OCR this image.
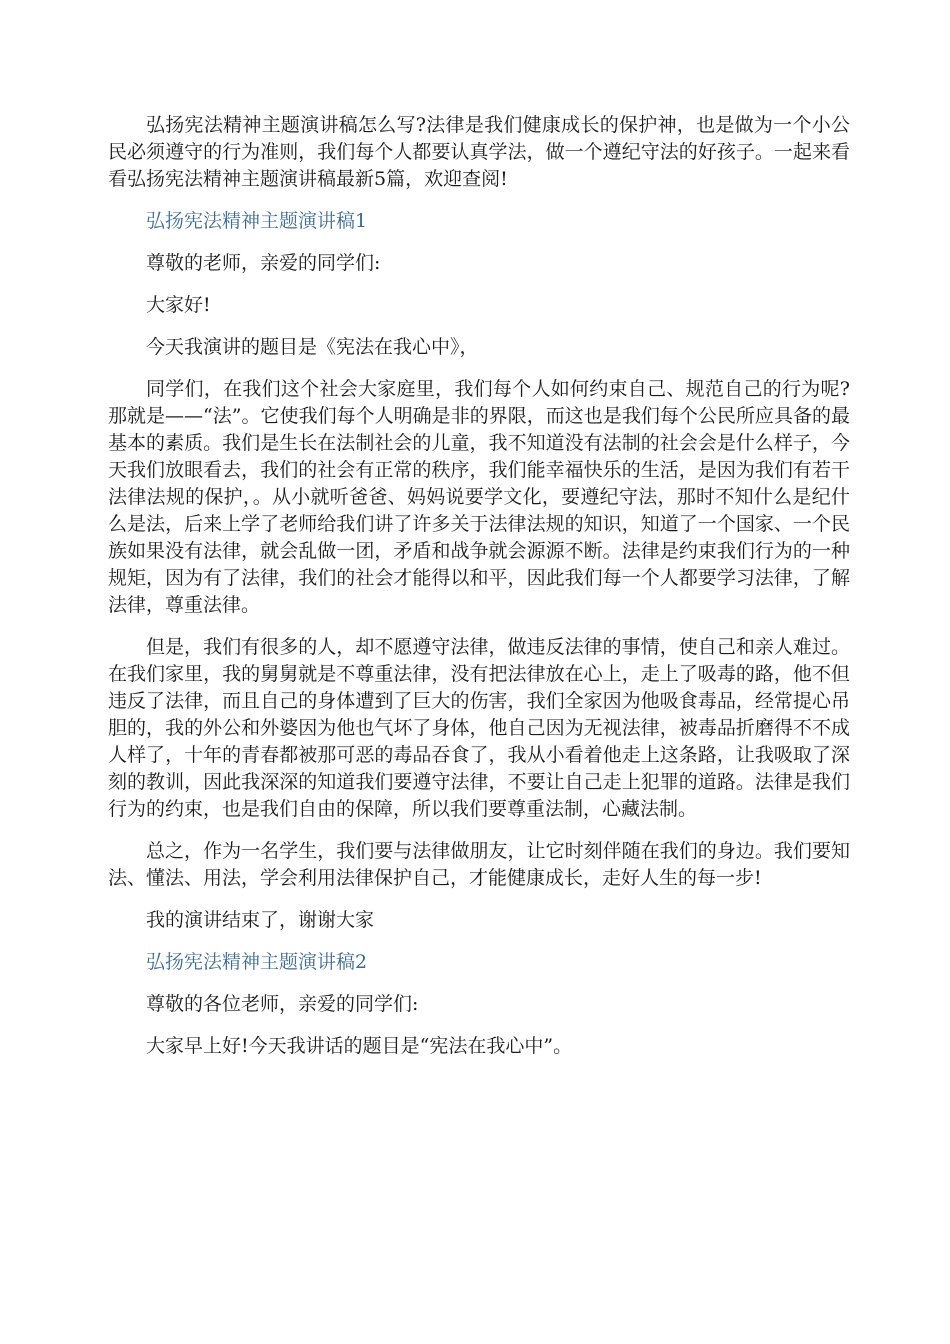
弘扬宪法精神主题演讲稿怎么写?法律是我们健康成长的保护神，也是做为一个小公民必须遵守的行为准则，我们每个人都要认真学法，做一个遵纪守法的好孩子。一起来看看弘扬宪法精神主题演讲稿最新5篇，欢迎查阅!

弘扬宪法精神主题演讲稿1

尊敬的老师，亲爱的同学们:

大家好!

今天我演讲的题目是《宪法在我心中》，

同学们，在我们这个社会大家庭里，我们每个人如何约束自己、规范自己的行为呢?那就是——“法”。它使我们每个人明确是非的界限，而这也是我们每个公民所应具备的最基本的素质。我们是生长在法制社会的儿童，我不知道没有法制的社会会是什么样子，今天我们放眼看去，我们的社会有正常的秩序，我们能幸福快乐的生活，是因为我们有若干法律法规的保护，。从小就听爸爸、妈妈说要学文化，要遵纪守法，那时不知什么是纪什么是法，后来上学了老师给我们讲了许多关于法律法规的知识，知道了一个国家、一个民族如果没有法律，就会乱做一团，矛盾和战争就会源源不断。法律是约束我们行为的一种规矩，因为有了法律，我们的社会才能得以和平，因此我们每一个人都要学习法律，了解法律，尊重法律。

但是，我们有很多的人，却不愿遵守法律，做违反法律的事情，使自己和亲人难过。在我们家里，我的舅舅就是不尊重法律，没有把法律放在心上，走上了吸毒的路，他不但违反了法律，而且自己的身体遭到了巨大的伤害，我们全家因为他吸食毒品，经常提心吊胆的，我的外公和外婆因为他也气坏了身体，他自己因为无视法律，被毒品折磨得不不成人样了，十年的青春都被那可恶的毒品吞食了，我从小看着他走上这条路，让我吸取了深刻的教训，因此我深深的知道我们要遵守法律，不要让自己走上犯罪的道路。法律是我们行为的约束，也是我们自由的保障，所以我们要尊重法制，心藏法制。

总之，作为一名学生，我们要与法律做朋友，让它时刻伴随在我们的身边。我们要知法、懂法、用法，学会利用法律保护自己，才能健康成长，走好人生的每一步!

我的演讲结束了，谢谢大家

弘扬宪法精神主题演讲稿2

尊敬的各位老师，亲爱的同学们:

大家早上好!今天我讲话的题目是“宪法在我心中”。
